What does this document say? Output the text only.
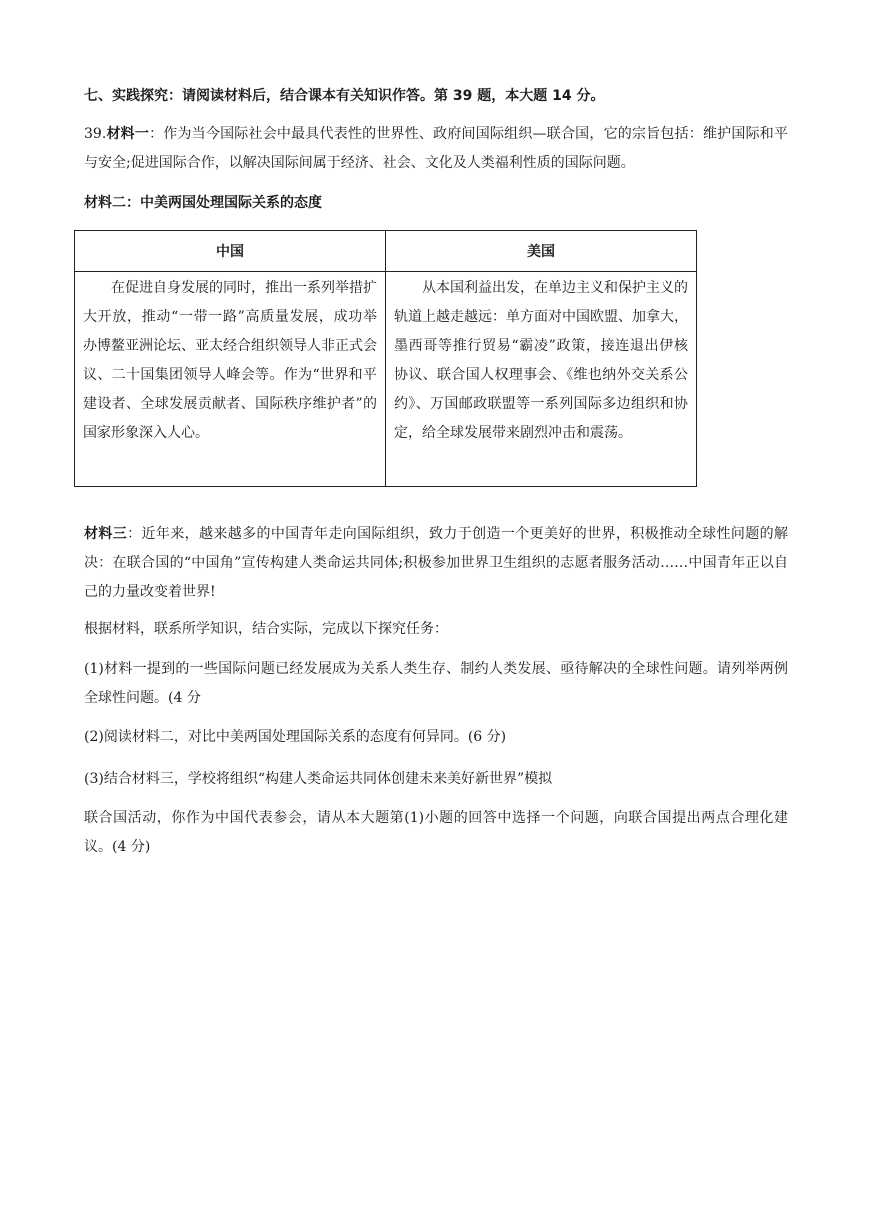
七、实践探究：请阅读材料后，结合课本有关知识作答。第 39 题，本大题 14 分。
39.材料一：作为当今国际社会中最具代表性的世界性、政府间国际组织—联合国，它的宗旨包括：维护国际和平与安全;促进国际合作，以解决国际间属于经济、社会、文化及人类福利性质的国际问题。
材料二：中美两国处理国际关系的态度
中国	美国
在促进自身发展的同时，推出一系列举措扩大开放，推动“一带一路”高质量发展，成功举办博鳌亚洲论坛、亚太经合组织领导人非正式会议、二十国集团领导人峰会等。作为“世界和平建设者、全球发展贡献者、国际秩序维护者”的国家形象深入人心。	从本国利益出发，在单边主义和保护主义的轨道上越走越远：单方面对中国欧盟、加拿大，墨西哥等推行贸易“霸凌”政策，接连退出伊核协议、联合国人权理事会、《维也纳外交关系公约》、万国邮政联盟等一系列国际多边组织和协定，给全球发展带来剧烈冲击和震荡。
材料三：近年来，越来越多的中国青年走向国际组织，致力于创造一个更美好的世界，积极推动全球性问题的解决：在联合国的“中国角”宣传构建人类命运共同体;积极参加世界卫生组织的志愿者服务活动……中国青年正以自己的力量改变着世界!
根据材料，联系所学知识，结合实际，完成以下探究任务：
(1)材料一提到的一些国际问题已经发展成为关系人类生存、制约人类发展、亟待解决的全球性问题。请列举两例全球性问题。(4 分
(2)阅读材料二，对比中美两国处理国际关系的态度有何异同。(6 分)
(3)结合材料三，学校将组织“构建人类命运共同体创建未来美好新世界”模拟
联合国活动，你作为中国代表参会，请从本大题第(1)小题的回答中选择一个问题，向联合国提出两点合理化建议。(4 分)
